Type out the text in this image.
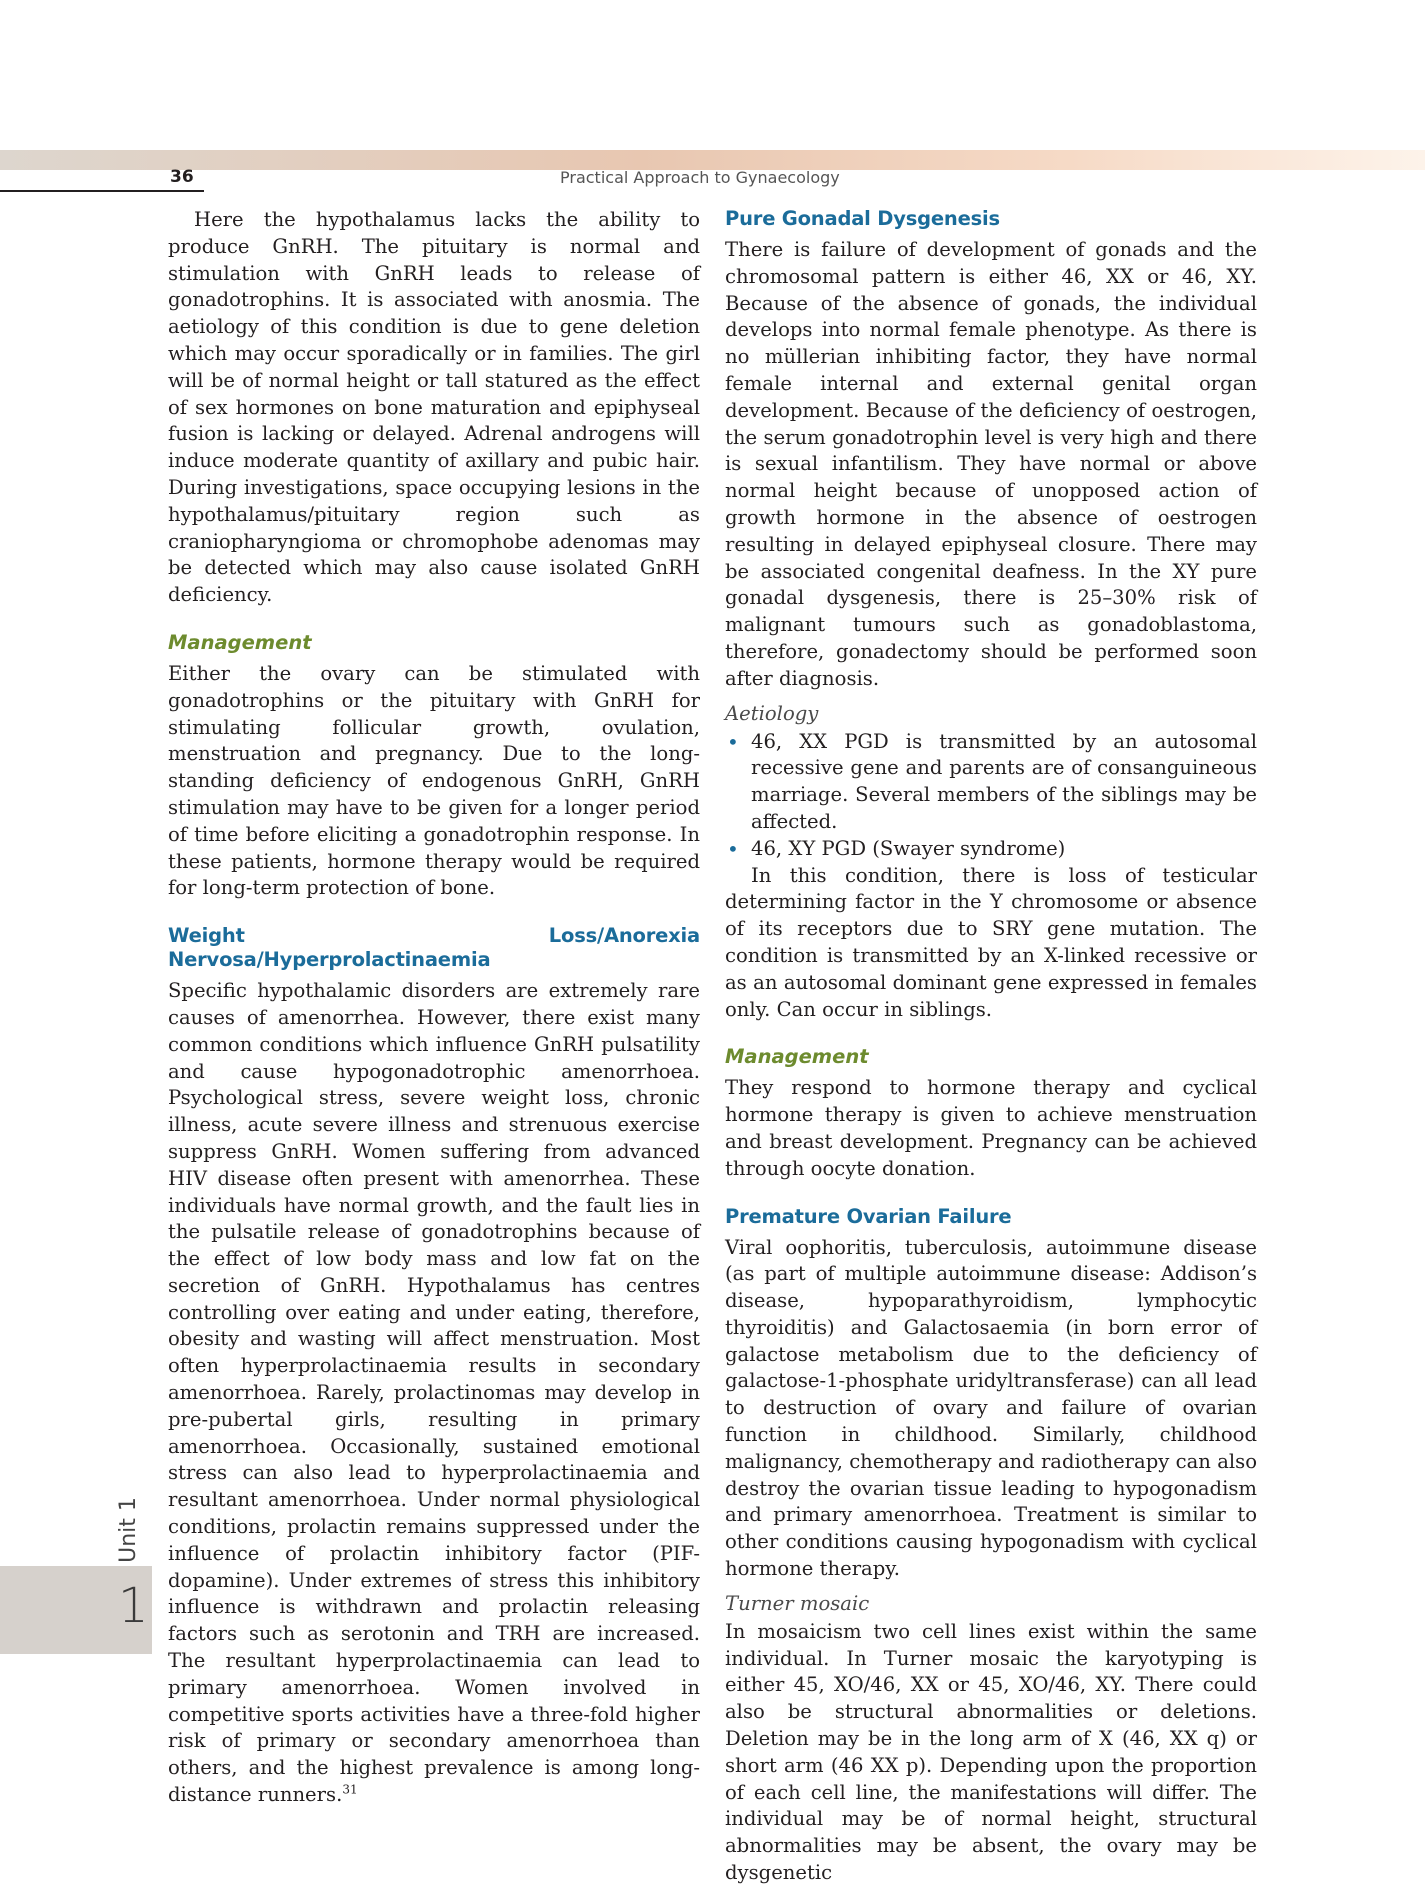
36	Practical Approach to Gynaecology
Unit 1
1

Here the hypothalamus lacks the ability to produce GnRH. The pituitary is normal and stimulation with GnRH leads to release of gonadotrophins. It is associated with anosmia. The aetiology of this condition is due to gene deletion which may occur sporadically or in families. The girl will be of normal height or tall statured as the effect of sex hormones on bone maturation and epiphyseal fusion is lacking or delayed. Adrenal androgens will induce moderate quantity of axillary and pubic hair. During investigations, space occupying lesions in the hypothalamus/pituitary region such as craniopharyngioma or chromophobe adenomas may be detected which may also cause isolated GnRH deficiency.

Management

Either the ovary can be stimulated with gonadotrophins or the pituitary with GnRH for stimulating follicular growth, ovulation, menstruation and pregnancy. Due to the long-standing deficiency of endogenous GnRH, GnRH stimulation may have to be given for a longer period of time before eliciting a gonadotrophin response. In these patients, hormone therapy would be required for long-term protection of bone.

Weight Loss/Anorexia Nervosa/Hyperprolactinaemia

Specific hypothalamic disorders are extremely rare causes of amenorrhea. However, there exist many common conditions which influence GnRH pulsatility and cause hypogonadotrophic amenorrhoea. Psychological stress, severe weight loss, chronic illness, acute severe illness and strenuous exercise suppress GnRH. Women suffering from advanced HIV disease often present with amenorrhea. These individuals have normal growth, and the fault lies in the pulsatile release of gonadotrophins because of the effect of low body mass and low fat on the secretion of GnRH. Hypothalamus has centres controlling over eating and under eating, therefore, obesity and wasting will affect menstruation. Most often hyperprolactinaemia results in secondary amenorrhoea. Rarely, prolactinomas may develop in pre-pubertal girls, resulting in primary amenorrhoea. Occasionally, sustained emotional stress can also lead to hyperprolactinaemia and resultant amenorrhoea. Under normal physiological conditions, prolactin remains suppressed under the influence of prolactin inhibitory factor (PIF-dopamine). Under extremes of stress this inhibitory influence is withdrawn and prolactin releasing factors such as serotonin and TRH are increased. The resultant hyperprolactinaemia can lead to primary amenorrhoea. Women involved in competitive sports activities have a three-fold higher risk of primary or secondary amenorrhoea than others, and the highest prevalence is among long-distance runners.$^{31}$

Pure Gonadal Dysgenesis

There is failure of development of gonads and the chromosomal pattern is either 46, XX or 46, XY. Because of the absence of gonads, the individual develops into normal female phenotype. As there is no müllerian inhibiting factor, they have normal female internal and external genital organ development. Because of the deficiency of oestrogen, the serum gonadotrophin level is very high and there is sexual infantilism. They have normal or above normal height because of unopposed action of growth hormone in the absence of oestrogen resulting in delayed epiphyseal closure. There may be associated congenital deafness. In the XY pure gonadal dysgenesis, there is 25–30% risk of malignant tumours such as gonadoblastoma, therefore, gonadectomy should be performed soon after diagnosis.

Aetiology
• 46, XX PGD is transmitted by an autosomal recessive gene and parents are of consanguineous marriage. Several members of the siblings may be affected.
• 46, XY PGD (Swayer syndrome)

In this condition, there is loss of testicular determining factor in the Y chromosome or absence of its receptors due to SRY gene mutation. The condition is transmitted by an X-linked recessive or as an autosomal dominant gene expressed in females only. Can occur in siblings.

Management

They respond to hormone therapy and cyclical hormone therapy is given to achieve menstruation and breast development. Pregnancy can be achieved through oocyte donation.

Premature Ovarian Failure

Viral oophoritis, tuberculosis, autoimmune disease (as part of multiple autoimmune disease: Addison’s disease, hypoparathyroidism, lymphocytic thyroiditis) and Galactosaemia (in born error of galactose metabolism due to the deficiency of galactose-1-phosphate uridyltransferase) can all lead to destruction of ovary and failure of ovarian function in childhood. Similarly, childhood malignancy, chemotherapy and radiotherapy can also destroy the ovarian tissue leading to hypogonadism and primary amenorrhoea. Treatment is similar to other conditions causing hypogonadism with cyclical hormone therapy.

Turner mosaic

In mosaicism two cell lines exist within the same individual. In Turner mosaic the karyotyping is either 45, XO/46, XX or 45, XO/46, XY. There could also be structural abnormalities or deletions. Deletion may be in the long arm of X (46, XX q) or short arm (46 XX p). Depending upon the proportion of each cell line, the manifestations will differ. The individual may be of normal height, structural abnormalities may be absent, the ovary may be dysgenetic
